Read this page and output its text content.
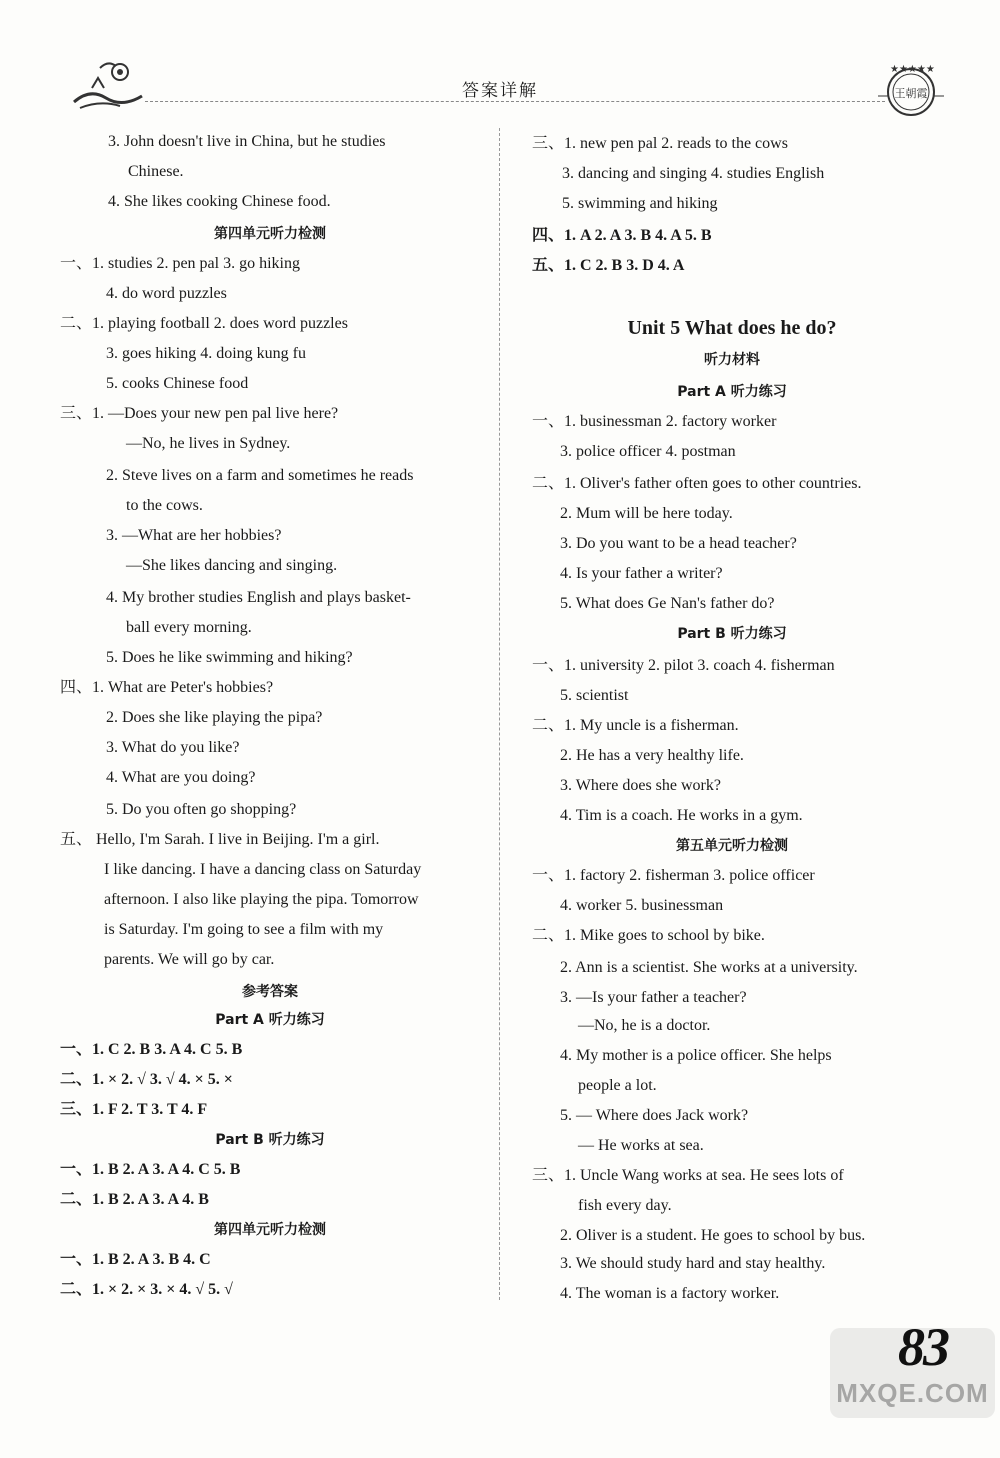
答案详解
★★★★★
王朝霞
3. John doesn't live in China, but he studies
Chinese.
4. She likes cooking Chinese food.
第四单元听力检测
一、1. studies 2. pen pal 3. go hiking
4. do word puzzles
二、1. playing football 2. does word puzzles
3. goes hiking 4. doing kung fu
5. cooks Chinese food
三、1. —Does your new pen pal live here?
—No, he lives in Sydney.
2. Steve lives on a farm and sometimes he reads
to the cows.
3. —What are her hobbies?
—She likes dancing and singing.
4. My brother studies English and plays basket-
ball every morning.
5. Does he like swimming and hiking?
四、1. What are Peter's hobbies?
2. Does she like playing the pipa?
3. What do you like?
4. What are you doing?
5. Do you often go shopping?
五、 Hello, I'm Sarah. I live in Beijing. I'm a girl.
I like dancing. I have a dancing class on Saturday
afternoon. I also like playing the pipa. Tomorrow
is Saturday. I'm going to see a film with my
parents. We will go by car.
参考答案
Part A 听力练习
一、1. C 2. B 3. A 4. C 5. B
二、1. × 2. √ 3. √ 4. × 5. ×
三、1. F 2. T 3. T 4. F
Part B 听力练习
一、1. B 2. A 3. A 4. C 5. B
二、1. B 2. A 3. A 4. B
第四单元听力检测
一、1. B 2. A 3. B 4. C
二、1. × 2. × 3. × 4. √ 5. √
三、1. new pen pal 2. reads to the cows
3. dancing and singing 4. studies English
5. swimming and hiking
四、1. A 2. A 3. B 4. A 5. B
五、1. C 2. B 3. D 4. A
Unit 5 What does he do?
听力材料
Part A 听力练习
一、1. businessman 2. factory worker
3. police officer 4. postman
二、1. Oliver's father often goes to other countries.
2. Mum will be here today.
3. Do you want to be a head teacher?
4. Is your father a writer?
5. What does Ge Nan's father do?
Part B 听力练习
一、1. university 2. pilot 3. coach 4. fisherman
5. scientist
二、1. My uncle is a fisherman.
2. He has a very healthy life.
3. Where does she work?
4. Tim is a coach. He works in a gym.
第五单元听力检测
一、1. factory 2. fisherman 3. police officer
4. worker 5. businessman
二、1. Mike goes to school by bike.
2. Ann is a scientist. She works at a university.
3. —Is your father a teacher?
—No, he is a doctor.
4. My mother is a police officer. She helps
people a lot.
5. — Where does Jack work?
— He works at sea.
三、1. Uncle Wang works at sea. He sees lots of
fish every day.
2. Oliver is a student. He goes to school by bus.
3. We should study hard and stay healthy.
4. The woman is a factory worker.
MXQE.COM
83
